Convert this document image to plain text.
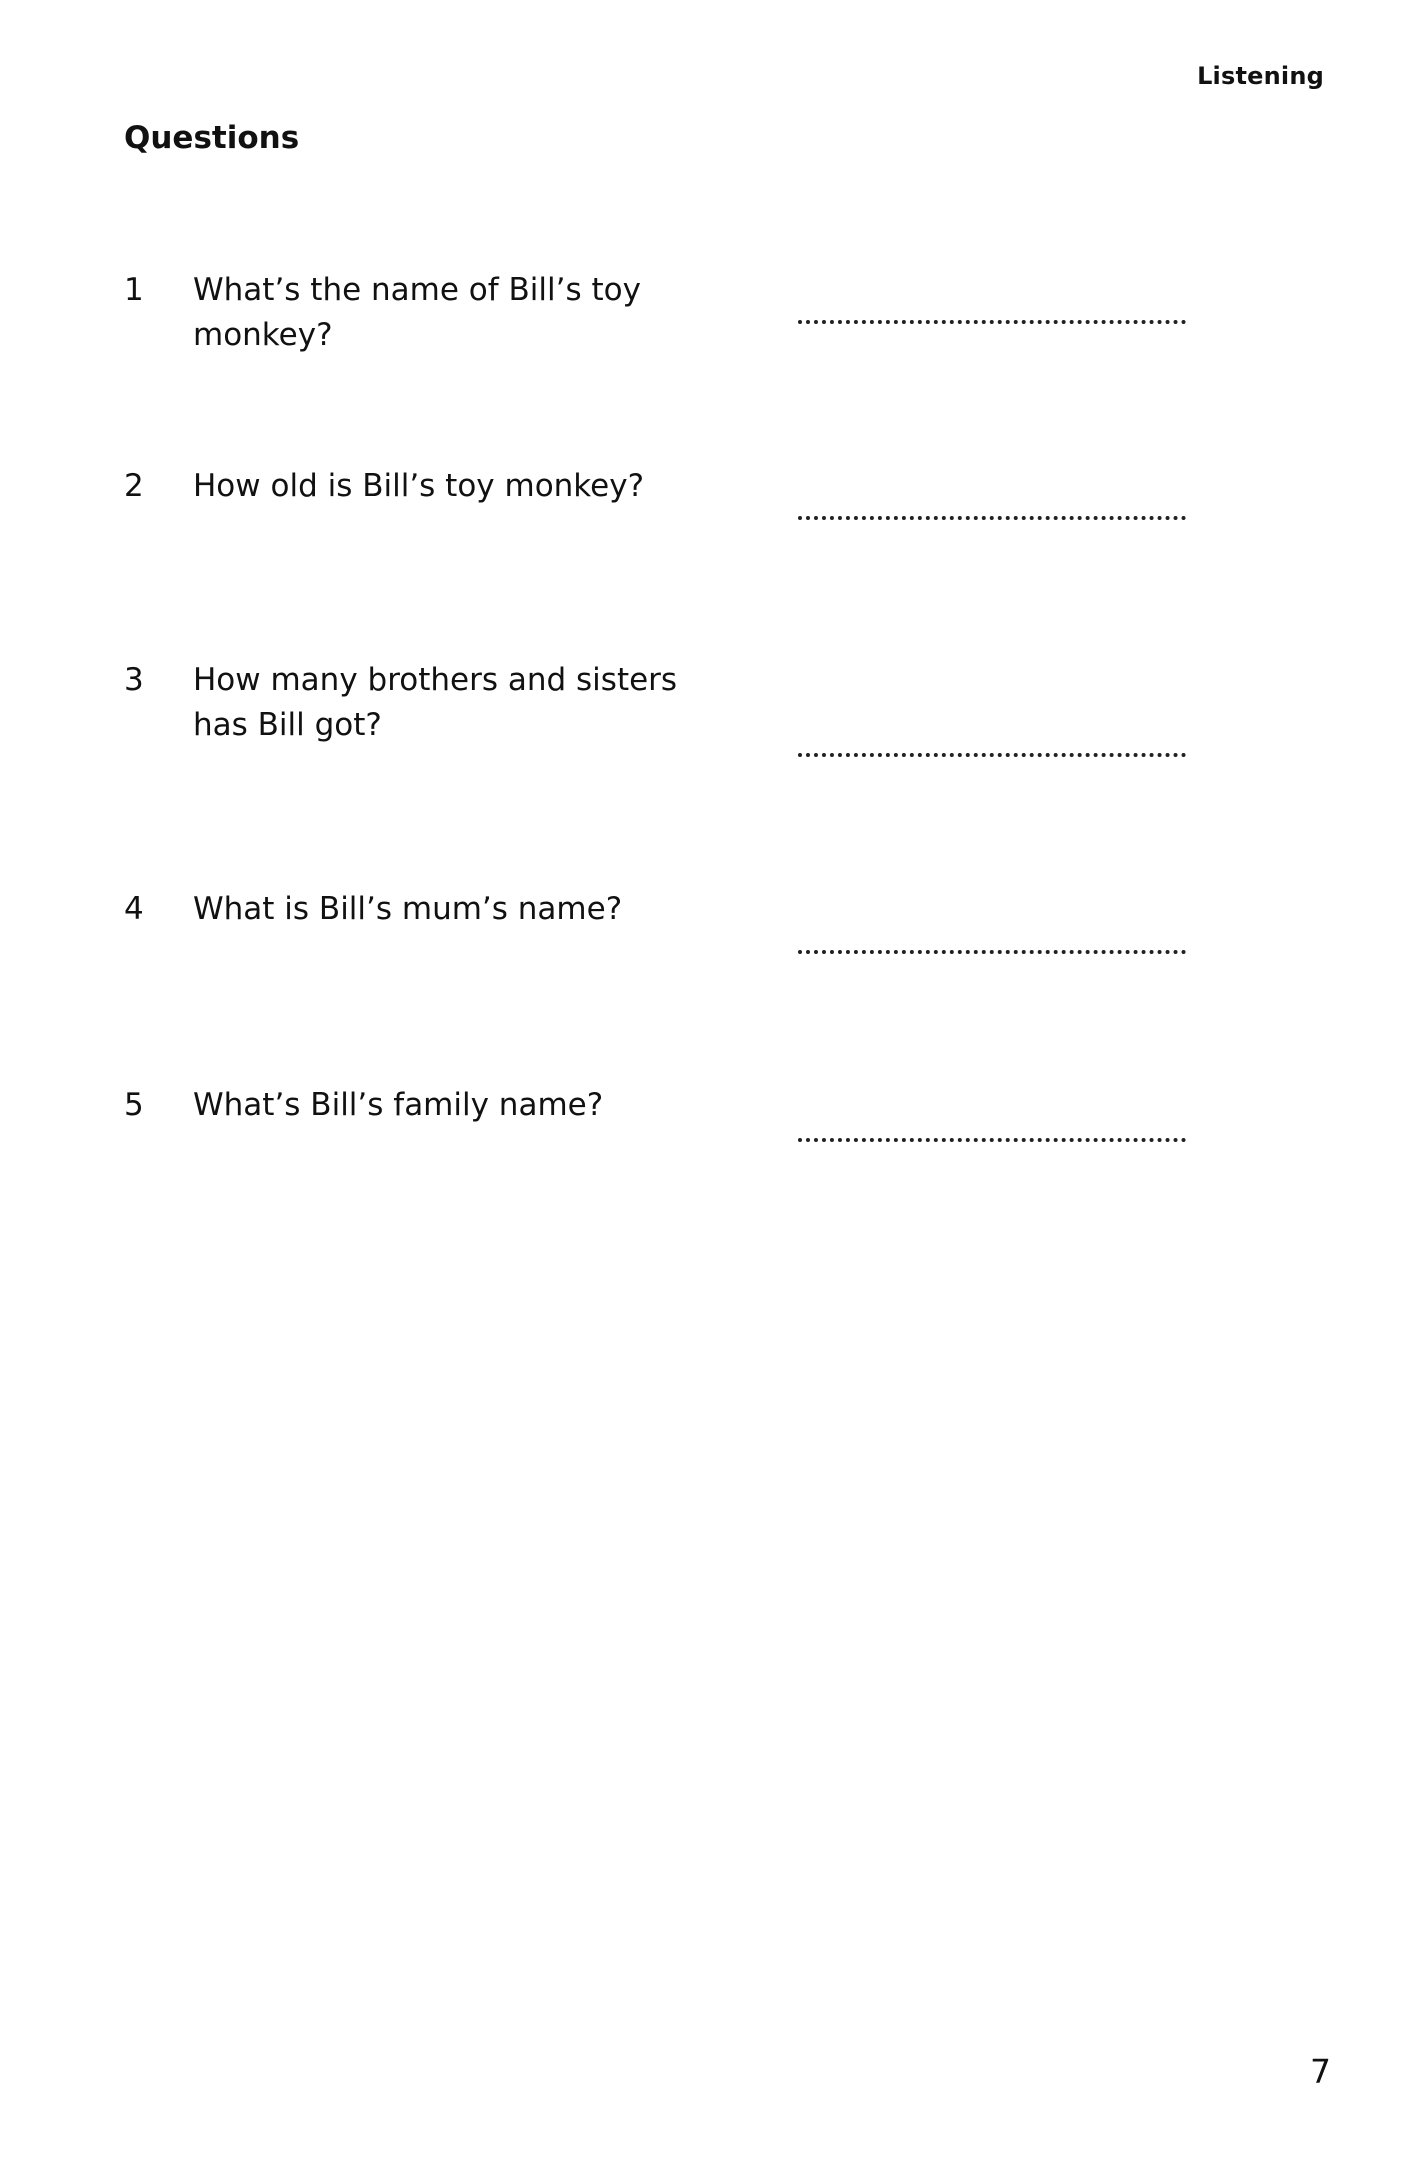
Listening
Questions
1 What’s the name of Bill’s toy monkey?
2 How old is Bill’s toy monkey?
3 How many brothers and sisters has Bill got?
4 What is Bill’s mum’s name?
5 What’s Bill’s family name?
7
